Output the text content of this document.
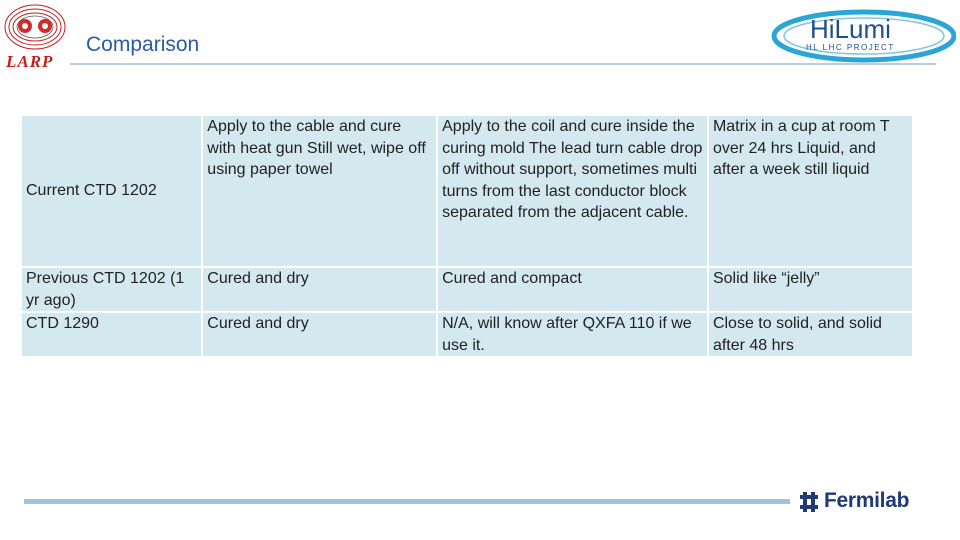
LARP
Comparison
HiLumi
HL LHC PROJECT
Current CTD 1202	Apply to the cable and cure with heat gun Still wet, wipe off using paper towel	Apply to the coil and cure inside the curing mold The lead turn cable drop off without support, sometimes multi turns from the last conductor block separated from the adjacent cable.	Matrix in a cup at room T over 24 hrs Liquid, and after a week still liquid
Previous CTD 1202 (1 yr ago)	Cured and dry	Cured and compact	Solid like “jelly”
CTD 1290	Cured and dry	N/A, will know after QXFA 110 if we use it.	Close to solid, and solid after 48 hrs
Fermilab
